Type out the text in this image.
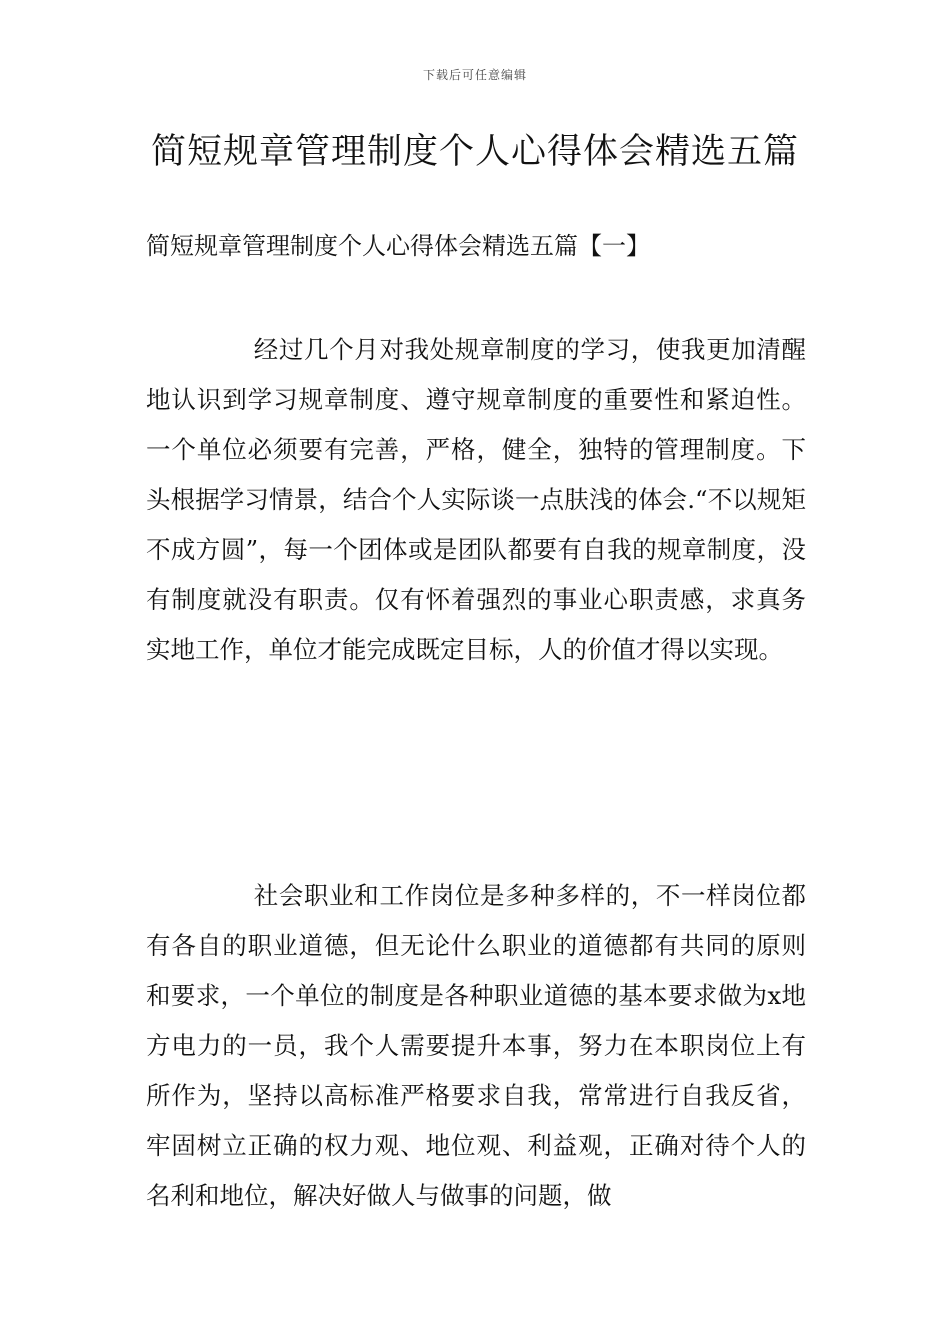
下载后可任意编辑
简短规章管理制度个人心得体会精选五篇
简短规章管理制度个人心得体会精选五篇【一】

经过几个月对我处规章制度的学习，使我更加清醒地认识到学习规章制度、遵守规章制度的重要性和紧迫性。一个单位必须要有完善，严格，健全，独特的管理制度。下头根据学习情景，结合个人实际谈一点肤浅的体会.“不以规矩不成方圆”，每一个团体或是团队都要有自我的规章制度，没有制度就没有职责。仅有怀着强烈的事业心职责感，求真务实地工作，单位才能完成既定目标，人的价值才得以实现。

社会职业和工作岗位是多种多样的，不一样岗位都有各自的职业道德，但无论什么职业的道德都有共同的原则和要求，一个单位的制度是各种职业道德的基本要求做为x地方电力的一员，我个人需要提升本事，努力在本职岗位上有所作为，坚持以高标准严格要求自我，常常进行自我反省，牢固树立正确的权力观、地位观、利益观，正确对待个人的名利和地位，解决好做人与做事的问题，做
